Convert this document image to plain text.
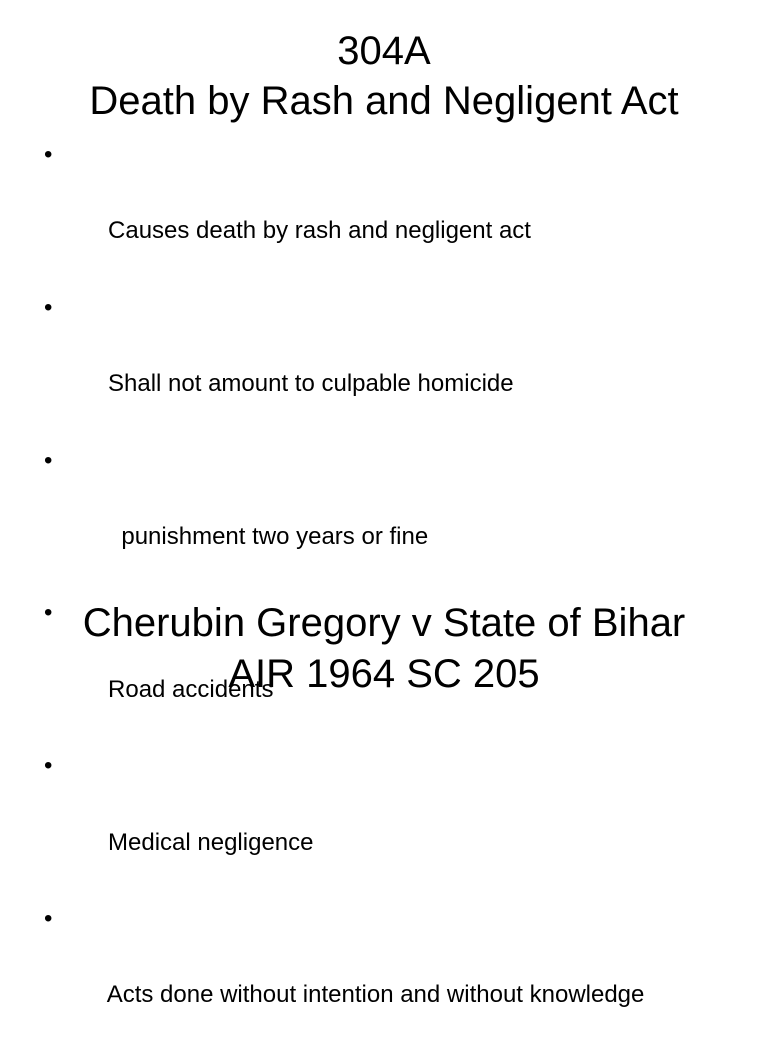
304A
Death by Rash and Negligent Act

•

Causes death by rash and negligent act

•

Shall not amount to culpable homicide

•

punishment two years or fine

•

Road accidents

•

Medical negligence

•

Acts done without intention and without knowledge

Cherubin Gregory v State of Bihar
AIR 1964 SC 205
